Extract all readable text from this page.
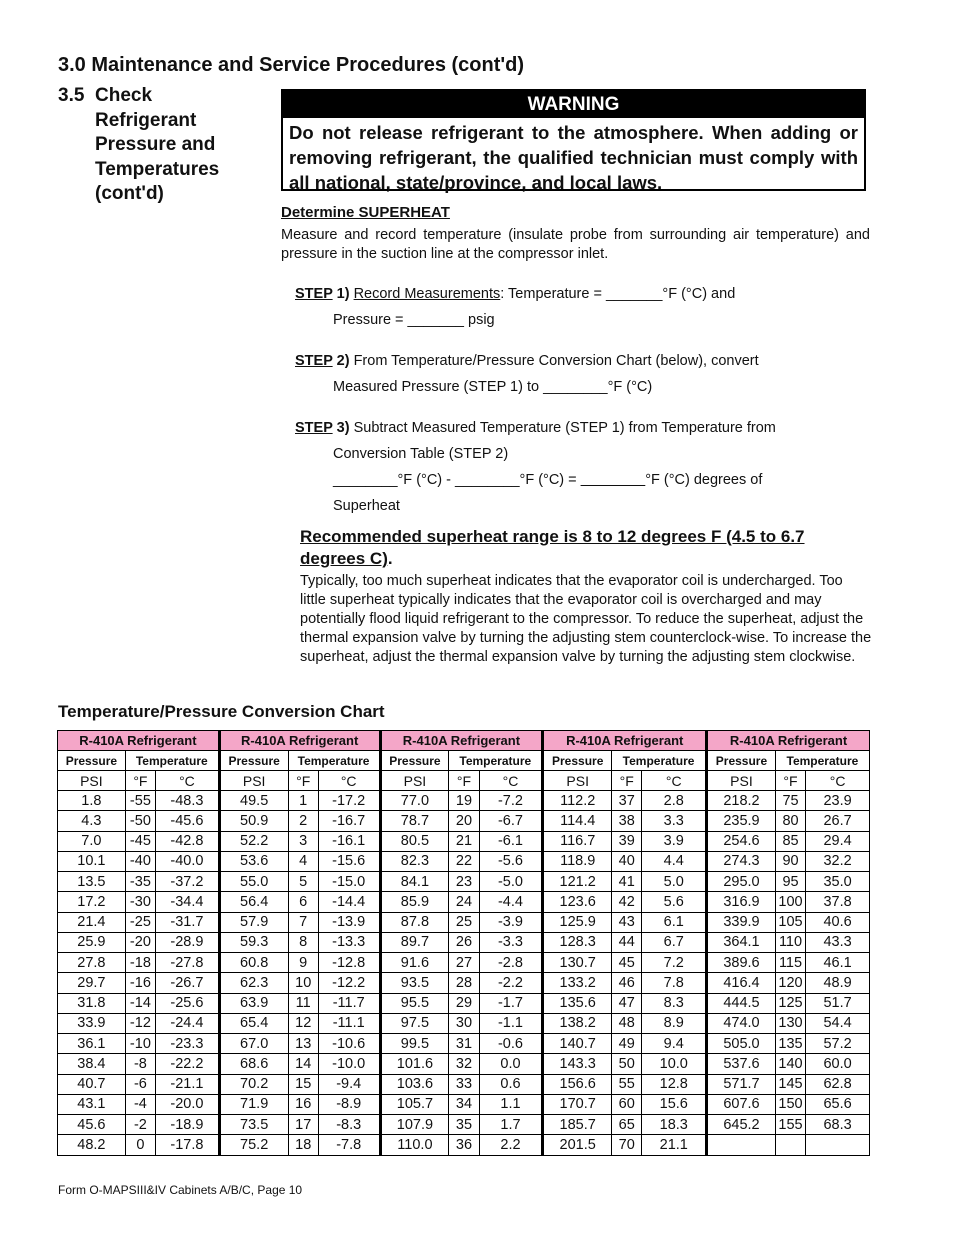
3.0 Maintenance and Service Procedures (cont'd)
3.5 Check
Refrigerant
Pressure and
Temperatures
(cont'd)
WARNING
Do not release refrigerant to the atmosphere. When adding or removing refrigerant, the qualified technician must comply with all national, state/province, and local laws.
Determine SUPERHEAT
Measure and record temperature (insulate probe from surrounding air temperature) and pressure in the suction line at the compressor inlet.
STEP 1) Record Measurements: Temperature = _______°F (°C) and
Pressure = _______ psig
STEP 2) From Temperature/Pressure Conversion Chart (below), convert
Measured Pressure (STEP 1) to ________°F (°C)
STEP 3) Subtract Measured Temperature (STEP 1) from Temperature from
Conversion Table (STEP 2)
________°F (°C) - ________°F (°C) = ________°F (°C) degrees of
Superheat
Recommended superheat range is 8 to 12 degrees F (4.5 to 6.7 degrees C).
Typically, too much superheat indicates that the evaporator coil is undercharged. Too little superheat typically indicates that the evaporator coil is overcharged and may potentially flood liquid refrigerant to the compressor. To reduce the superheat, adjust the thermal expansion valve by turning the adjusting stem counterclock-wise. To increase the superheat, adjust the thermal expansion valve by turning the adjusting stem clockwise.
Temperature/Pressure Conversion Chart
R-410A Refrigerant			R-410A Refrigerant			R-410A Refrigerant			R-410A Refrigerant			R-410A Refrigerant		
Pressure	Temperature		Pressure	Temperature		Pressure	Temperature		Pressure	Temperature		Pressure	Temperature	
PSI	°F	°C	PSI	°F	°C	PSI	°F	°C	PSI	°F	°C	PSI	°F	°C
1.8	-55	-48.3	49.5	1	-17.2	77.0	19	-7.2	112.2	37	2.8	218.2	75	23.9
4.3	-50	-45.6	50.9	2	-16.7	78.7	20	-6.7	114.4	38	3.3	235.9	80	26.7
7.0	-45	-42.8	52.2	3	-16.1	80.5	21	-6.1	116.7	39	3.9	254.6	85	29.4
10.1	-40	-40.0	53.6	4	-15.6	82.3	22	-5.6	118.9	40	4.4	274.3	90	32.2
13.5	-35	-37.2	55.0	5	-15.0	84.1	23	-5.0	121.2	41	5.0	295.0	95	35.0
17.2	-30	-34.4	56.4	6	-14.4	85.9	24	-4.4	123.6	42	5.6	316.9	100	37.8
21.4	-25	-31.7	57.9	7	-13.9	87.8	25	-3.9	125.9	43	6.1	339.9	105	40.6
25.9	-20	-28.9	59.3	8	-13.3	89.7	26	-3.3	128.3	44	6.7	364.1	110	43.3
27.8	-18	-27.8	60.8	9	-12.8	91.6	27	-2.8	130.7	45	7.2	389.6	115	46.1
29.7	-16	-26.7	62.3	10	-12.2	93.5	28	-2.2	133.2	46	7.8	416.4	120	48.9
31.8	-14	-25.6	63.9	11	-11.7	95.5	29	-1.7	135.6	47	8.3	444.5	125	51.7
33.9	-12	-24.4	65.4	12	-11.1	97.5	30	-1.1	138.2	48	8.9	474.0	130	54.4
36.1	-10	-23.3	67.0	13	-10.6	99.5	31	-0.6	140.7	49	9.4	505.0	135	57.2
38.4	-8	-22.2	68.6	14	-10.0	101.6	32	0.0	143.3	50	10.0	537.6	140	60.0
40.7	-6	-21.1	70.2	15	-9.4	103.6	33	0.6	156.6	55	12.8	571.7	145	62.8
43.1	-4	-20.0	71.9	16	-8.9	105.7	34	1.1	170.7	60	15.6	607.6	150	65.6
45.6	-2	-18.9	73.5	17	-8.3	107.9	35	1.7	185.7	65	18.3	645.2	155	68.3
48.2	0	-17.8	75.2	18	-7.8	110.0	36	2.2	201.5	70	21.1			
Form O-MAPSIII&IV Cabinets A/B/C, Page 10
